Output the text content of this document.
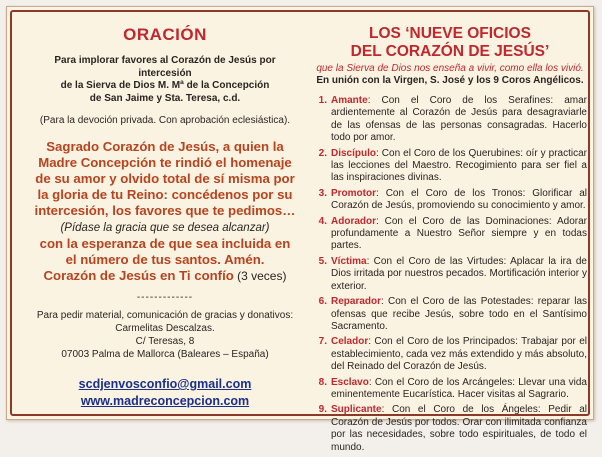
ORACIÓN

Para implorar favores al Corazón de Jesús por intercesión
de la Sierva de Dios M. Mª de la Concepción
de San Jaime y Sta. Teresa, c.d.

(Para la devoción privada. Con aprobación eclesiástica).

Sagrado Corazón de Jesús, a quien la
Madre Concepción te rindió el homenaje
de su amor y olvido total de sí misma por
la gloria de tu Reino: concédenos por su
intercesión, los favores que te pedimos…
(Pídase la gracia que se desea alcanzar)
con la esperanza de que sea incluida en
el número de tus santos. Amén.
Corazón de Jesús en Ti confío (3 veces)

-------------

Para pedir material, comunicación de gracias y donativos:
Carmelitas Descalzas.
C/ Teresas, 8
07003 Palma de Mallorca (Baleares – España)

scdjenvosconfio@gmail.com

www.madreconcepcion.com

LOS ‘NUEVE OFICIOS
DEL CORAZÓN DE JESÚS’

que la Sierva de Dios nos enseña a vivir, como ella los vivió.

En unión con la Virgen, S. José y los 9 Coros Angélicos.

1. Amante: Con el Coro de los Serafines: amar ardientemente al Corazón de Jesús para desagraviarle de las ofensas de las personas consagradas. Hacerlo todo por amor.
2. Discípulo: Con el Coro de los Querubines: oír y practicar las lecciones del Maestro. Recogimiento para ser fiel a las inspiraciones divinas.
3. Promotor: Con el Coro de los Tronos: Glorificar al Corazón de Jesús, promoviendo su conocimiento y amor.
4. Adorador: Con el Coro de las Dominaciones: Adorar profundamente a Nuestro Señor siempre y en todas partes.
5. Víctima: Con el Coro de las Virtudes: Aplacar la ira de Dios irritada por nuestros pecados. Mortificación interior y exterior.
6. Reparador: Con el Coro de las Potestades: reparar las ofensas que recibe Jesús, sobre todo en el Santísimo Sacramento.
7. Celador: Con el Coro de los Principados: Trabajar por el establecimiento, cada vez más extendido y más absoluto, del Reinado del Corazón de Jesús.
8. Esclavo: Con el Coro de los Arcángeles: Llevar una vida eminentemente Eucarística. Hacer visitas al Sagrario.
9. Suplicante: Con el Coro de los Ángeles: Pedir al Corazón de Jesús por todos. Orar con ilimitada confianza por las necesidades, sobre todo espirituales, de todo el mundo.
